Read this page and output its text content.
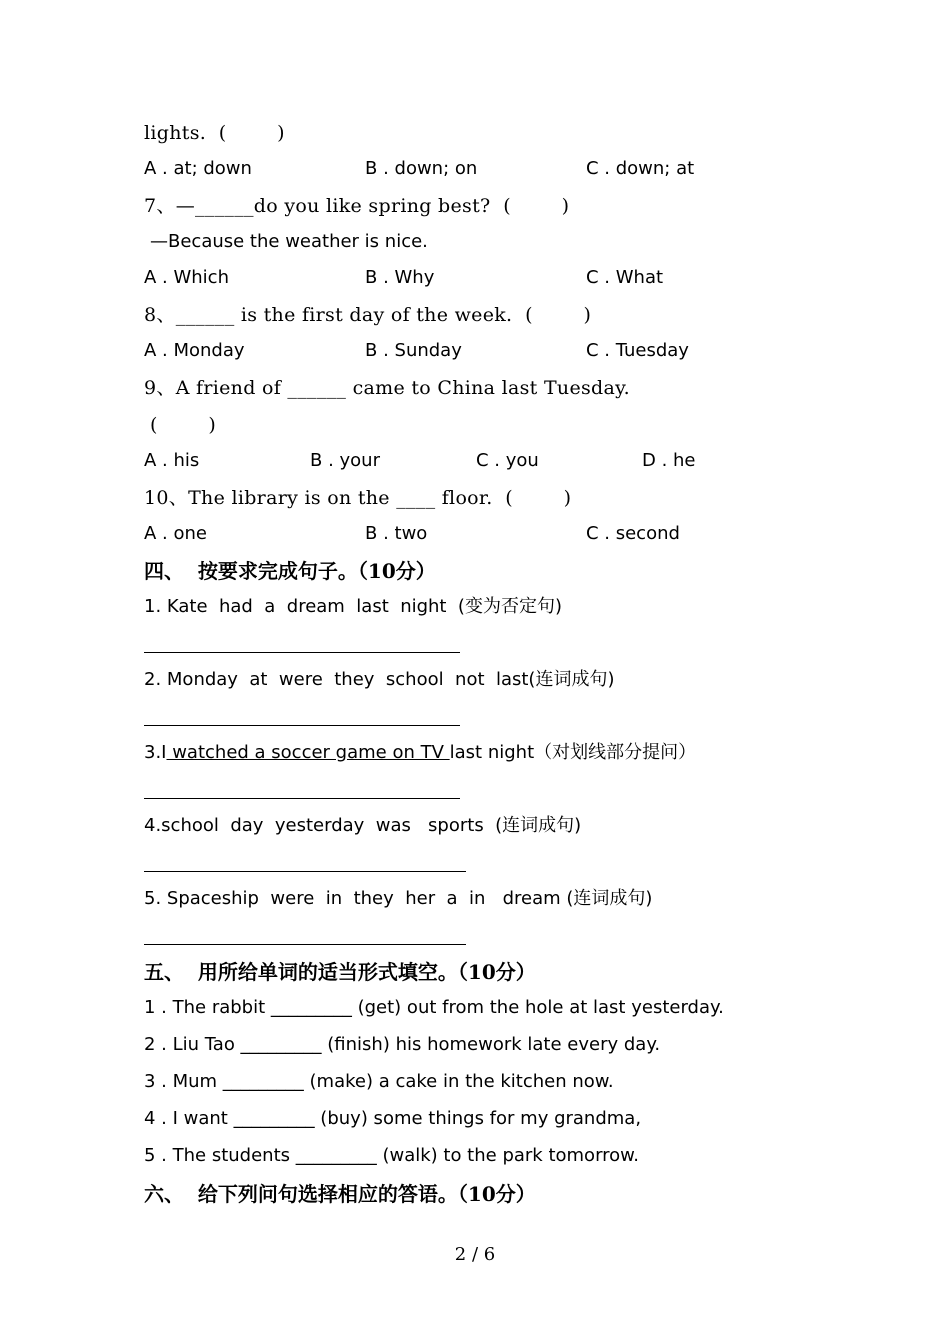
lights.  (        )
A . at; down	B . down; on	C . down; at
7、—______do you like spring best?  (        )
—Because the weather is nice.
A . Which	B . Why	C . What
8、______ is the first day of the week.  (        )
A . Monday	B . Sunday	C . Tuesday
9、A friend of ______ came to China last Tuesday.
(        )
A . his	B . your	C . you	D . he
10、The library is on the ____ floor.  (        )
A . one	B . two	C . second
四、  按要求完成句子。（10分）
1. Kate  had  a  dream  last  night  (变为否定句)
2. Monday  at  were  they  school  not  last(连词成句)
3.I watched a soccer game on TV last night（对划线部分提问）
4.school  day  yesterday  was   sports  (连词成句)
5. Spaceship  were  in  they  her  a  in   dream (连词成句)
五、  用所给单词的适当形式填空。（10分）
1 . The rabbit _________ (get) out from the hole at last yesterday.
2 . Liu Tao _________ (finish) his homework late every day.
3 . Mum _________ (make) a cake in the kitchen now.
4 . I want _________ (buy) some things for my grandma,
5 . The students _________ (walk) to the park tomorrow.
六、  给下列问句选择相应的答语。（10分）
2 / 6
